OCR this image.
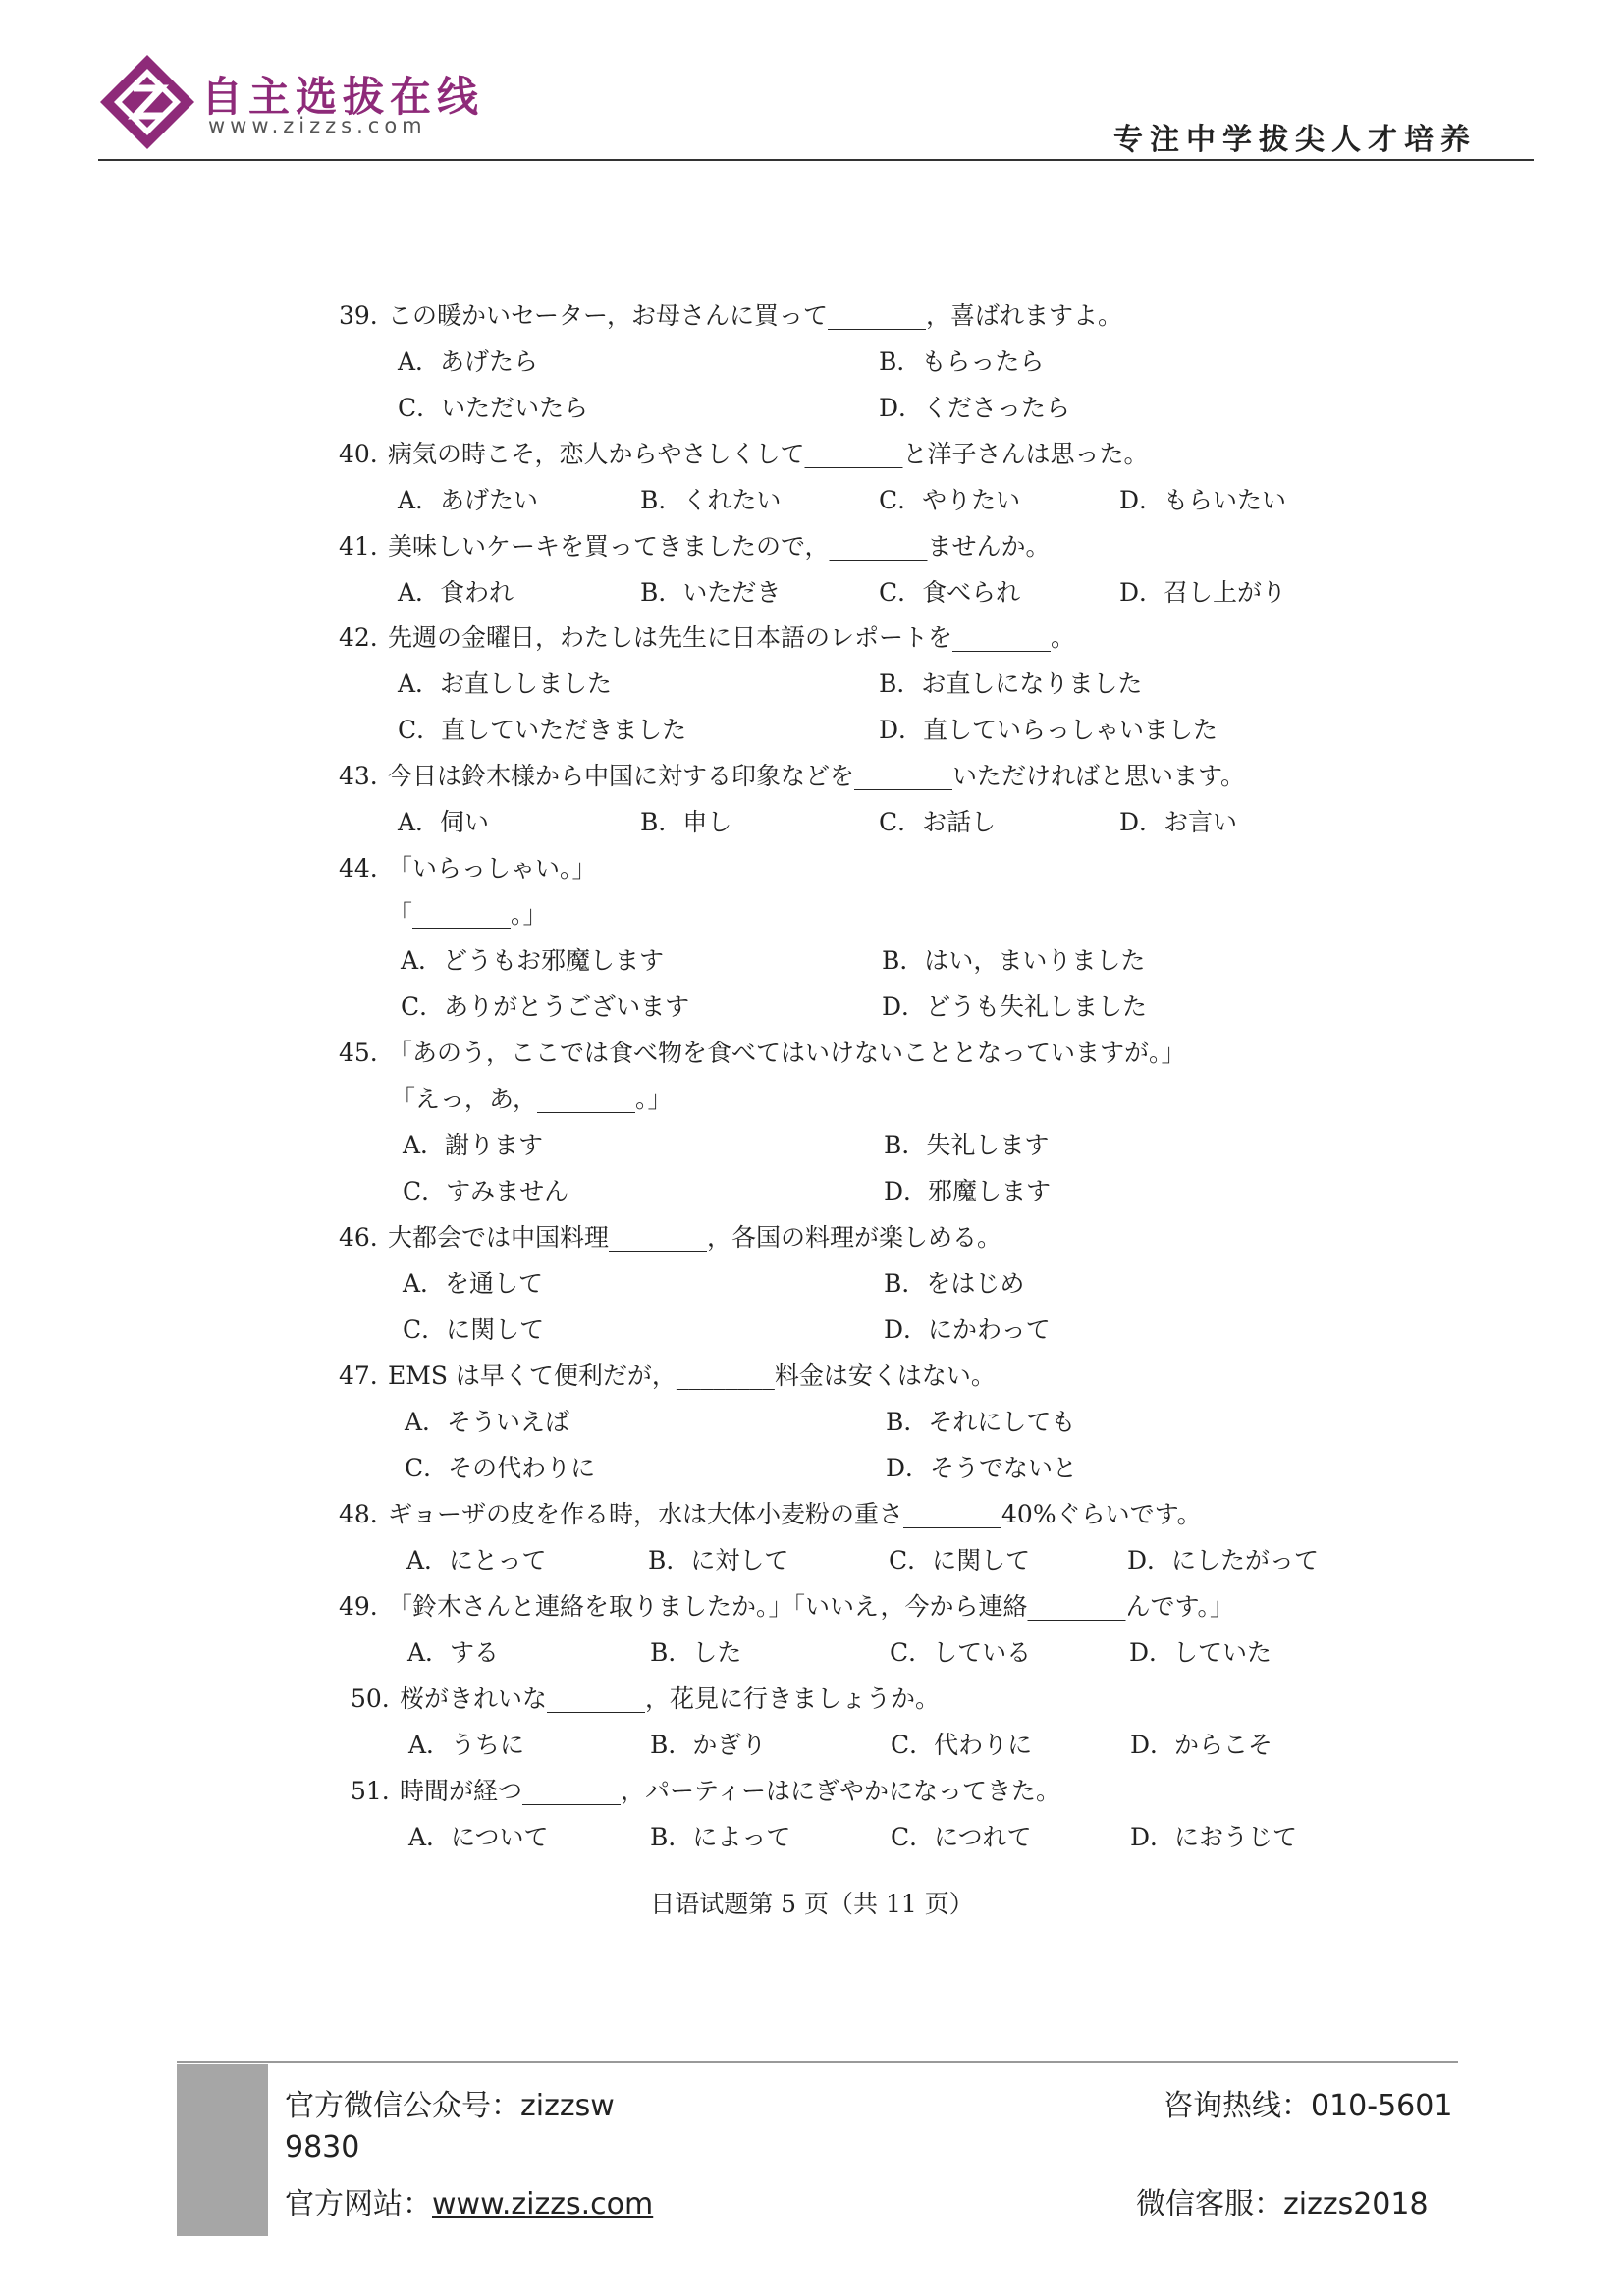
自主选拔在线
www.zizzs.com	专注中学拔尖人才培养
39. この暖かいセーター，お母さんに買って________，喜ばれますよ。
A．あげたら	B．もらったら
C．いただいたら	D．くださったら
40. 病気の時こそ，恋人からやさしくして________と洋子さんは思った。
A．あげたい	B．くれたい	C．やりたい	D．もらいたい
41. 美味しいケーキを買ってきましたので，________ませんか。
A．食われ	B．いただき	C．食べられ	D．召し上がり
42. 先週の金曜日，わたしは先生に日本語のレポートを________。
A．お直ししました	B．お直しになりました
C．直していただきました	D．直していらっしゃいました
43. 今日は鈴木様から中国に対する印象などを________いただければと思います。
A．伺い	B．申し	C．お話し	D．お言い
44. 「いらっしゃい。」
「________。」
A．どうもお邪魔します	B．はい，まいりました
C．ありがとうございます	D．どうも失礼しました
45. 「あのう，ここでは食べ物を食べてはいけないこととなっていますが。」
「えっ，あ，________。」
A．謝ります	B．失礼します
C．すみません	D．邪魔します
46. 大都会では中国料理________，各国の料理が楽しめる。
A．を通して	B．をはじめ
C．に関して	D．にかわって
47. EMS は早くて便利だが，________料金は安くはない。
A．そういえば	B．それにしても
C．その代わりに	D．そうでないと
48. ギョーザの皮を作る時，水は大体小麦粉の重さ________40%ぐらいです。
A．にとって	B．に対して	C．に関して	D．にしたがって
49. 「鈴木さんと連絡を取りましたか。」「いいえ，今から連絡________んです。」
A．する	B．した	C．している	D．していた
50. 桜がきれいな________，花見に行きましょうか。
A．うちに	B．かぎり	C．代わりに	D．からこそ
51. 時間が経つ________，パーティーはにぎやかになってきた。
A．について	B．によって	C．につれて	D．におうじて
日语试题第 5 页（共 11 页）
官方微信公众号：zizzsw	咨询热线：010-5601
9830
官方网站：www.zizzs.com	微信客服：zizzs2018
